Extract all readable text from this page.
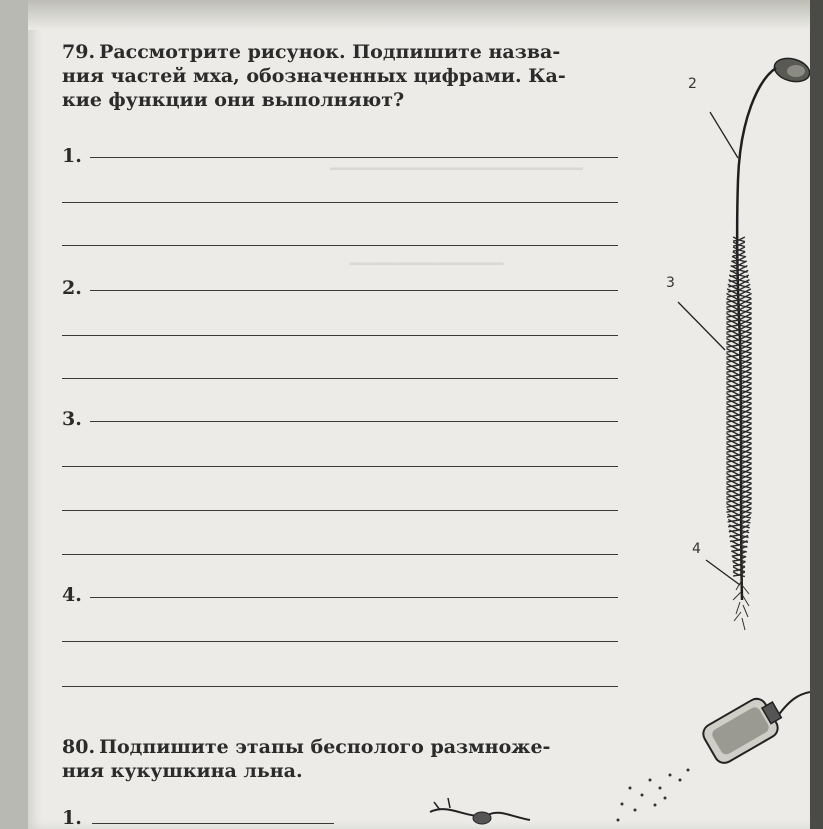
━━━━━━━━━━━━━━━━━━━━━━━━━━━━
━━━━━━━━━━━━━━━━━
79. Рассмотрите рисунок. Подпишите назва-
ния частей мха, обозначенных цифрами. Ка-
кие функции они выполняют?
1.
2.
3.
4.
80. Подпишите этапы бесполого размноже-
ния кукушкина льна.
1.
2
3
4
